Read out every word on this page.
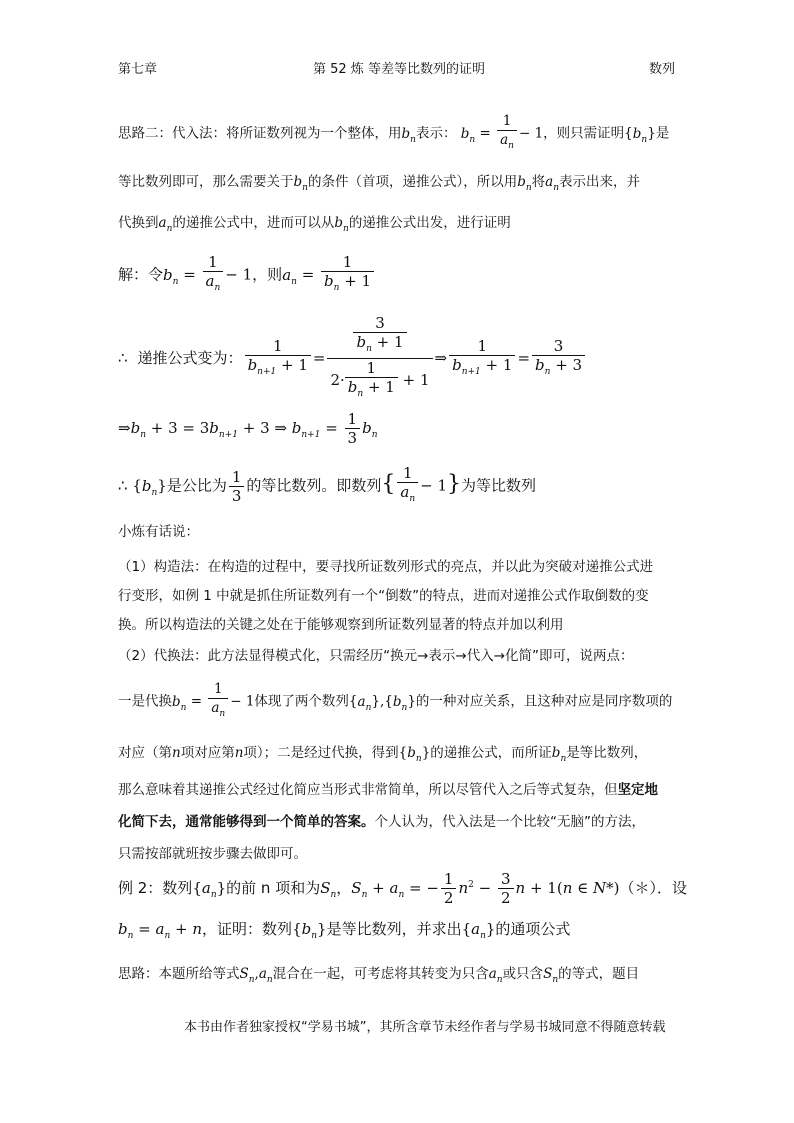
第七章	第 52 炼 等差等比数列的证明	数列
思路二：代入法：将所证数列视为一个整体，用$b_n$表示： $b_n = \frac{1}{a_n} - 1$，则只需证明$\{b_n\}$是
等比数列即可，那么需要关于$b_n$的条件（首项，递推公式），所以用$b_n$将$a_n$表示出来，并
代换到$a_n$的递推公式中，进而可以从$b_n$的递推公式出发，进行证明
解：令$b_n = \frac{1}{a_n} - 1$，则$a_n = \frac{1}{b_n + 1}$
∴ 递推公式变为： $\frac{1}{b_{n+1} + 1} = \frac{\frac{3}{b_n + 1}}{2\cdot \frac{1}{b_n + 1} + 1}$ ⇒ $\frac{1}{b_{n+1} + 1} = \frac{3}{b_n + 3}$
$\Rightarrow b_n + 3 = 3b_{n+1} + 3$ ⇒ $b_{n+1} = \frac{1}{3} b_n$
∴ $\{b_n\}$是公比为 $\frac{1}{3}$ 的等比数列。即数列{ $\frac{1}{a_n} - 1$}为等比数列
小炼有话说：
（1）构造法：在构造的过程中，要寻找所证数列形式的亮点，并以此为突破对递推公式进
行变形，如例 1 中就是抓住所证数列有一个“倒数”的特点，进而对递推公式作取倒数的变
换。所以构造法的关键之处在于能够观察到所证数列显著的特点并加以利用
（2）代换法：此方法显得模式化，只需经历“换元→表示→代入→化简”即可，说两点：
一是代换$b_n = \frac{1}{a_n} - 1$体现了两个数列$\{a_n\},\{b_n\}$的一种对应关系，且这种对应是同序数项的
对应（第n项对应第n项）；二是经过代换，得到$\{b_n\}$的递推公式，而所证$b_n$是等比数列，
那么意味着其递推公式经过化简应当形式非常简单，所以尽管代入之后等式复杂，但坚定地
化简下去，通常能够得到一个简单的答案。个人认为，代入法是一个比较“无脑”的方法，
只需按部就班按步骤去做即可。
例 2：数列$\{a_n\}$的前 n 项和为$S_n$，$S_n + a_n$ = − $\frac{1}{2} n^2 - \frac{3}{2}$ n + 1(n ∈ N*)（＊）．设
$b_n = a_n + n$，证明：数列$\{b_n\}$是等比数列，并求出$\{a_n\}$的通项公式
思路：本题所给等式$S_n,a_n$混合在一起，可考虑将其转变为只含$a_n$或只含$S_n$的等式，题目
本书由作者独家授权“学易书城”，其所含章节未经作者与学易书城同意不得随意转载
